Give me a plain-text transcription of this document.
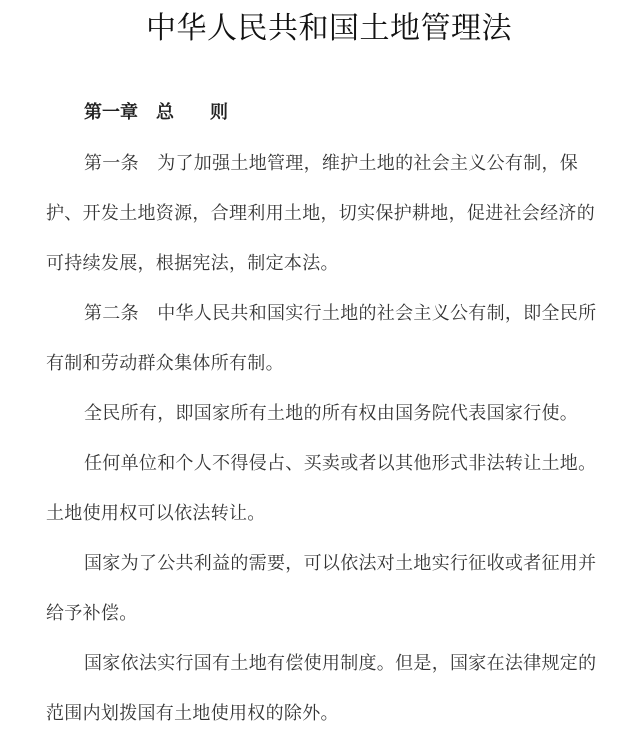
中华人民共和国土地管理法
第一章　总　　则

第一条　为了加强土地管理，维护土地的社会主义公有制，保护、开发土地资源，合理利用土地，切实保护耕地，促进社会经济的可持续发展，根据宪法，制定本法。

第二条　中华人民共和国实行土地的社会主义公有制，即全民所有制和劳动群众集体所有制。

全民所有，即国家所有土地的所有权由国务院代表国家行使。

任何单位和个人不得侵占、买卖或者以其他形式非法转让土地。土地使用权可以依法转让。

国家为了公共利益的需要，可以依法对土地实行征收或者征用并给予补偿。

国家依法实行国有土地有偿使用制度。但是，国家在法律规定的范围内划拨国有土地使用权的除外。
